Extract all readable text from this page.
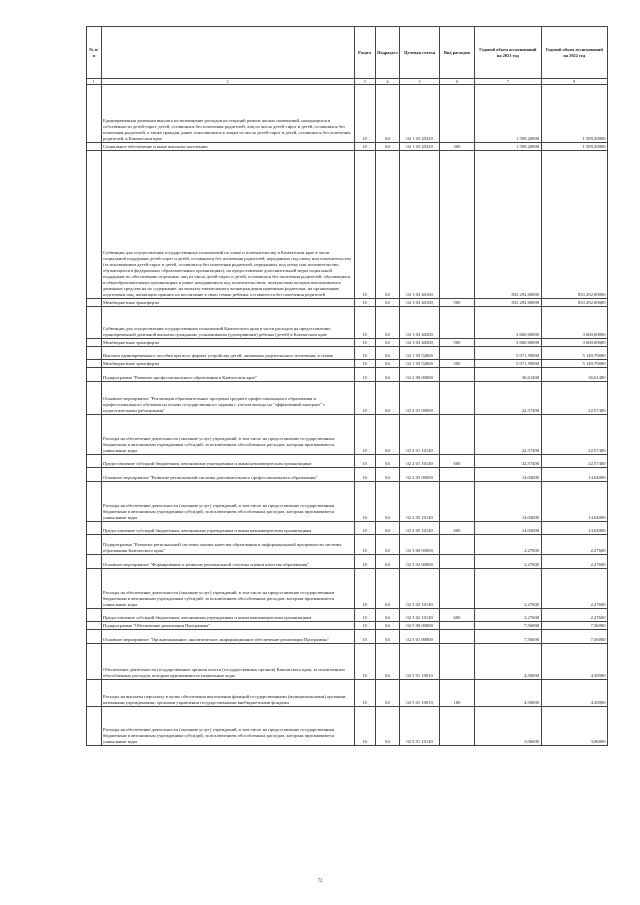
№ п/п		Раздел	Подраздел	Целевая статья	Вид расходов	Годовой объем ассигнований на 2021 год	Годовой объем ассигнований на 2022 год
1	2	3	4	5	6	7	8
	Единовременная денежная выплата на возмещение расходов на текущий ремонт жилых помещений, находящихся в собственности детей-сирот, детей, оставшихся без попечения родителей, лиц из числа детей-сирот и детей, оставшихся без попечения родителей, а также граждан, ранее относившихся к лицам из числа детей-сирот и детей, оставшихся без попечения родителей, в Камчатском крае	10	04	02 1 03 20320		1 509,20000	1 509,20000
	Социальное обеспечение и иные выплаты населению	10	04	02 1 03 20320	300	1 509,20000	1 509,20000
	Субвенции для осуществления государственных полномочий по опеке и попечительству в Камчатском крае в части социальной поддержки детей-сирот и детей, оставшихся без попечения родителей, переданных под опеку или попечительство (за исключением детей-сирот и детей, оставшихся без попечения родителей, переданных под опеку или попечительство, обучающихся в федеральных образовательных организациях), на предоставление дополнительной меры социальной поддержки по обеспечению отдельных лиц из числа детей-сирот и детей, оставшихся без попечения родителей, обучающихся в общеобразовательных организациях и ранее находившихся под попечительством, опекунством которых выплачивались денежные средства на их содержание, на выплату ежемесячного вознаграждения приемным родителям, на организацию подготовки лиц, желающих принять на воспитание в свою семью ребенка, оставшегося без попечения родителей	10	04	02 1 03 40160		833 292,00000	833 292,00000
	Межбюджетные трансферты	10	04	02 1 03 40160	500	833 292,00000	833 292,00000
	Субвенции для осуществления государственных полномочий Камчатского края в части расходов на предоставление единовременной денежной выплаты гражданам, усыновившим (удочерившим) ребенка (детей) в Камчатском крае	10	04	02 1 03 40200		3 600,00000	3 600,00000
	Межбюджетные трансферты	10	04	02 1 03 40200	500	3 600,00000	3 600,00000
	Выплата единовременного пособия при всех формах устройства детей, лишенных родительского попечения, в семью	10	04	02 1 03 52600		5 071,50000	5 149,70000
	Межбюджетные трансферты	10	04	02 1 03 52600	500	5 071,50000	5 149,70000
	Подпрограмма "Развитие профессионального образования в Камчатском крае"	10	04	02 2 00 00000		36,61400	36,61400
	Основное мероприятие "Реализация образовательных программ среднего профессионального образования и профессионального обучения на основе государственного задания с учетом выхода на "эффективный контракт" с педагогическими работниками"	10	04	02 2 01 00000		22,57400	22,57400
	Расходы на обеспечение деятельности (оказание услуг) учреждений, в том числе на предоставление государственным бюджетным и автономным учреждениям субсидий, за исключением обособленных расходов, которым присваиваются уникальные коды	10	04	02 2 01 10140		22,57400	22,57400
	Предоставление субсидий бюджетным, автономным учреждениям и иным некоммерческим организациям	10	04	02 2 01 10140	600	22,57400	22,57400
	Основное мероприятие "Развитие региональной системы дополнительного профессионального образования"	10	04	02 2 05 00000		14,04000	14,04000
	Расходы на обеспечение деятельности (оказание услуг) учреждений, в том числе на предоставление государственным бюджетным и автономным учреждениям субсидий, за исключением обособленных расходов, которым присваиваются уникальные коды	10	04	02 2 05 10140		14,04000	14,04000
	Предоставление субсидий бюджетным, автономным учреждениям и иным некоммерческим организациям	10	04	02 2 05 10140	600	14,04000	14,04000
	Подпрограмма "Развитие региональной системы оценки качества образования и информационной прозрачности системы образования Камчатского края"	10	04	02 3 00 00000		2,27600	2,27600
	Основное мероприятие "Формирование и развитие региональной системы оценки качества образования"	10	04	02 3 02 00000		2,27600	2,27600
	Расходы на обеспечение деятельности (оказание услуг) учреждений, в том числе на предоставление государственным бюджетным и автономным учреждениям субсидий, за исключением обособленных расходов, которым присваиваются уникальные коды	10	04	02 3 02 10140		2,27600	2,27600
	Предоставление субсидий бюджетным, автономным учреждениям и иным некоммерческим организациям	10	04	02 3 02 10140	600	2,27600	2,27600
	Подпрограмма "Обеспечение реализации Программы"	10	04	02 5 00 00000		7,56000	7,56000
	Основное мероприятие "Организационное, аналитическое, информационное обеспечение реализации Программы"	10	04	02 5 01 00000		7,56000	7,56000
	Обеспечение деятельности государственных органов власти (государственных органов) Камчатского края, за исключением обособленных расходов, которым присваиваются уникальные коды	10	04	02 5 01 10010		4,50000	4,50000
	Расходы на выплаты персоналу в целях обеспечения выполнения функций государственными (муниципальными) органами, казенными учреждениями, органами управления государственными внебюджетными фондами	10	04	02 5 01 10010	100	4,50000	4,50000
	Расходы на обеспечение деятельности (оказание услуг) учреждений, в том числе на предоставление государственным бюджетным и автономным учреждениям субсидий, за исключением обособленных расходов, которым присваиваются уникальные коды	10	04	02 5 01 10140		3,06000	3,06000
72
